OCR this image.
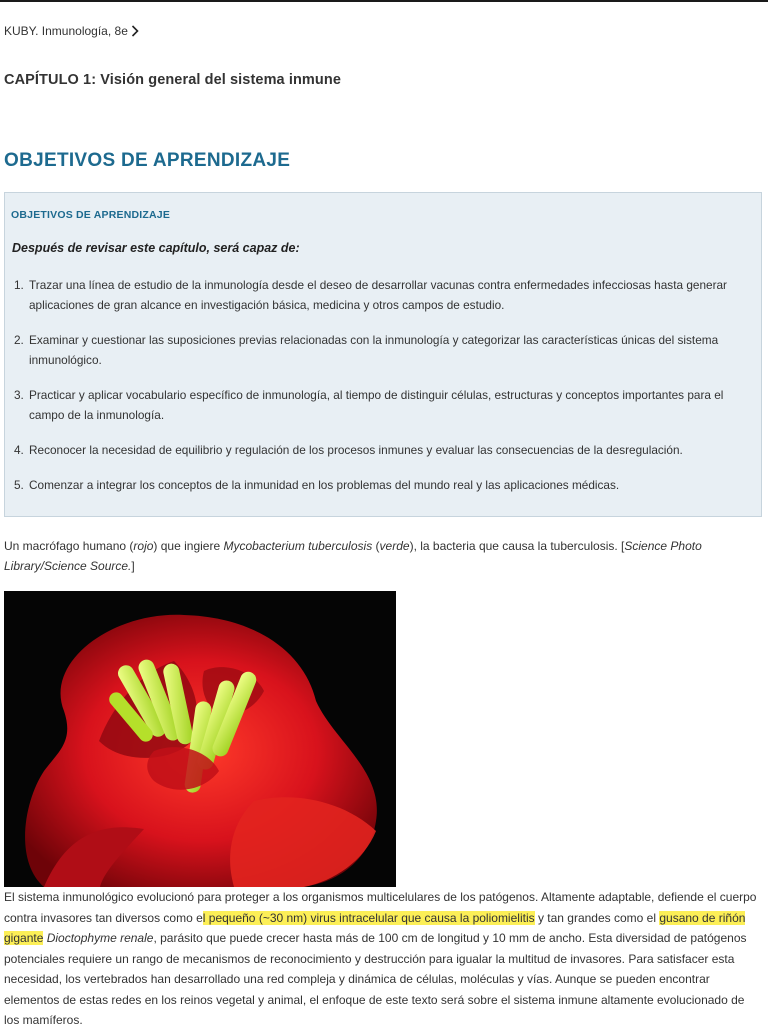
KUBY. Inmunología, 8e
CAPÍTULO 1: Visión general del sistema inmune
OBJETIVOS DE APRENDIZAJE
OBJETIVOS DE APRENDIZAJE
Después de revisar este capítulo, será capaz de:
1. Trazar una línea de estudio de la inmunología desde el deseo de desarrollar vacunas contra enfermedades infecciosas hasta generar aplicaciones de gran alcance en investigación básica, medicina y otros campos de estudio.
2. Examinar y cuestionar las suposiciones previas relacionadas con la inmunología y categorizar las características únicas del sistema inmunológico.
3. Practicar y aplicar vocabulario específico de inmunología, al tiempo de distinguir células, estructuras y conceptos importantes para el campo de la inmunología.
4. Reconocer la necesidad de equilibrio y regulación de los procesos inmunes y evaluar las consecuencias de la desregulación.
5. Comenzar a integrar los conceptos de la inmunidad en los problemas del mundo real y las aplicaciones médicas.

Un macrófago humano (rojo) que ingiere Mycobacterium tuberculosis (verde), la bacteria que causa la tuberculosis. [Science Photo Library/Science Source.]

El sistema inmunológico evolucionó para proteger a los organismos multicelulares de los patógenos. Altamente adaptable, defiende el cuerpo contra invasores tan diversos como el pequeño (~30 nm) virus intracelular que causa la poliomielitis y tan grandes como el gusano de riñón gigante Dioctophyme renale, parásito que puede crecer hasta más de 100 cm de longitud y 10 mm de ancho. Esta diversidad de patógenos potenciales requiere un rango de mecanismos de reconocimiento y destrucción para igualar la multitud de invasores. Para satisfacer esta necesidad, los vertebrados han desarrollado una red compleja y dinámica de células, moléculas y vías. Aunque se pueden encontrar elementos de estas redes en los reinos vegetal y animal, el enfoque de este texto será sobre el sistema inmune altamente evolucionado de los mamíferos.
